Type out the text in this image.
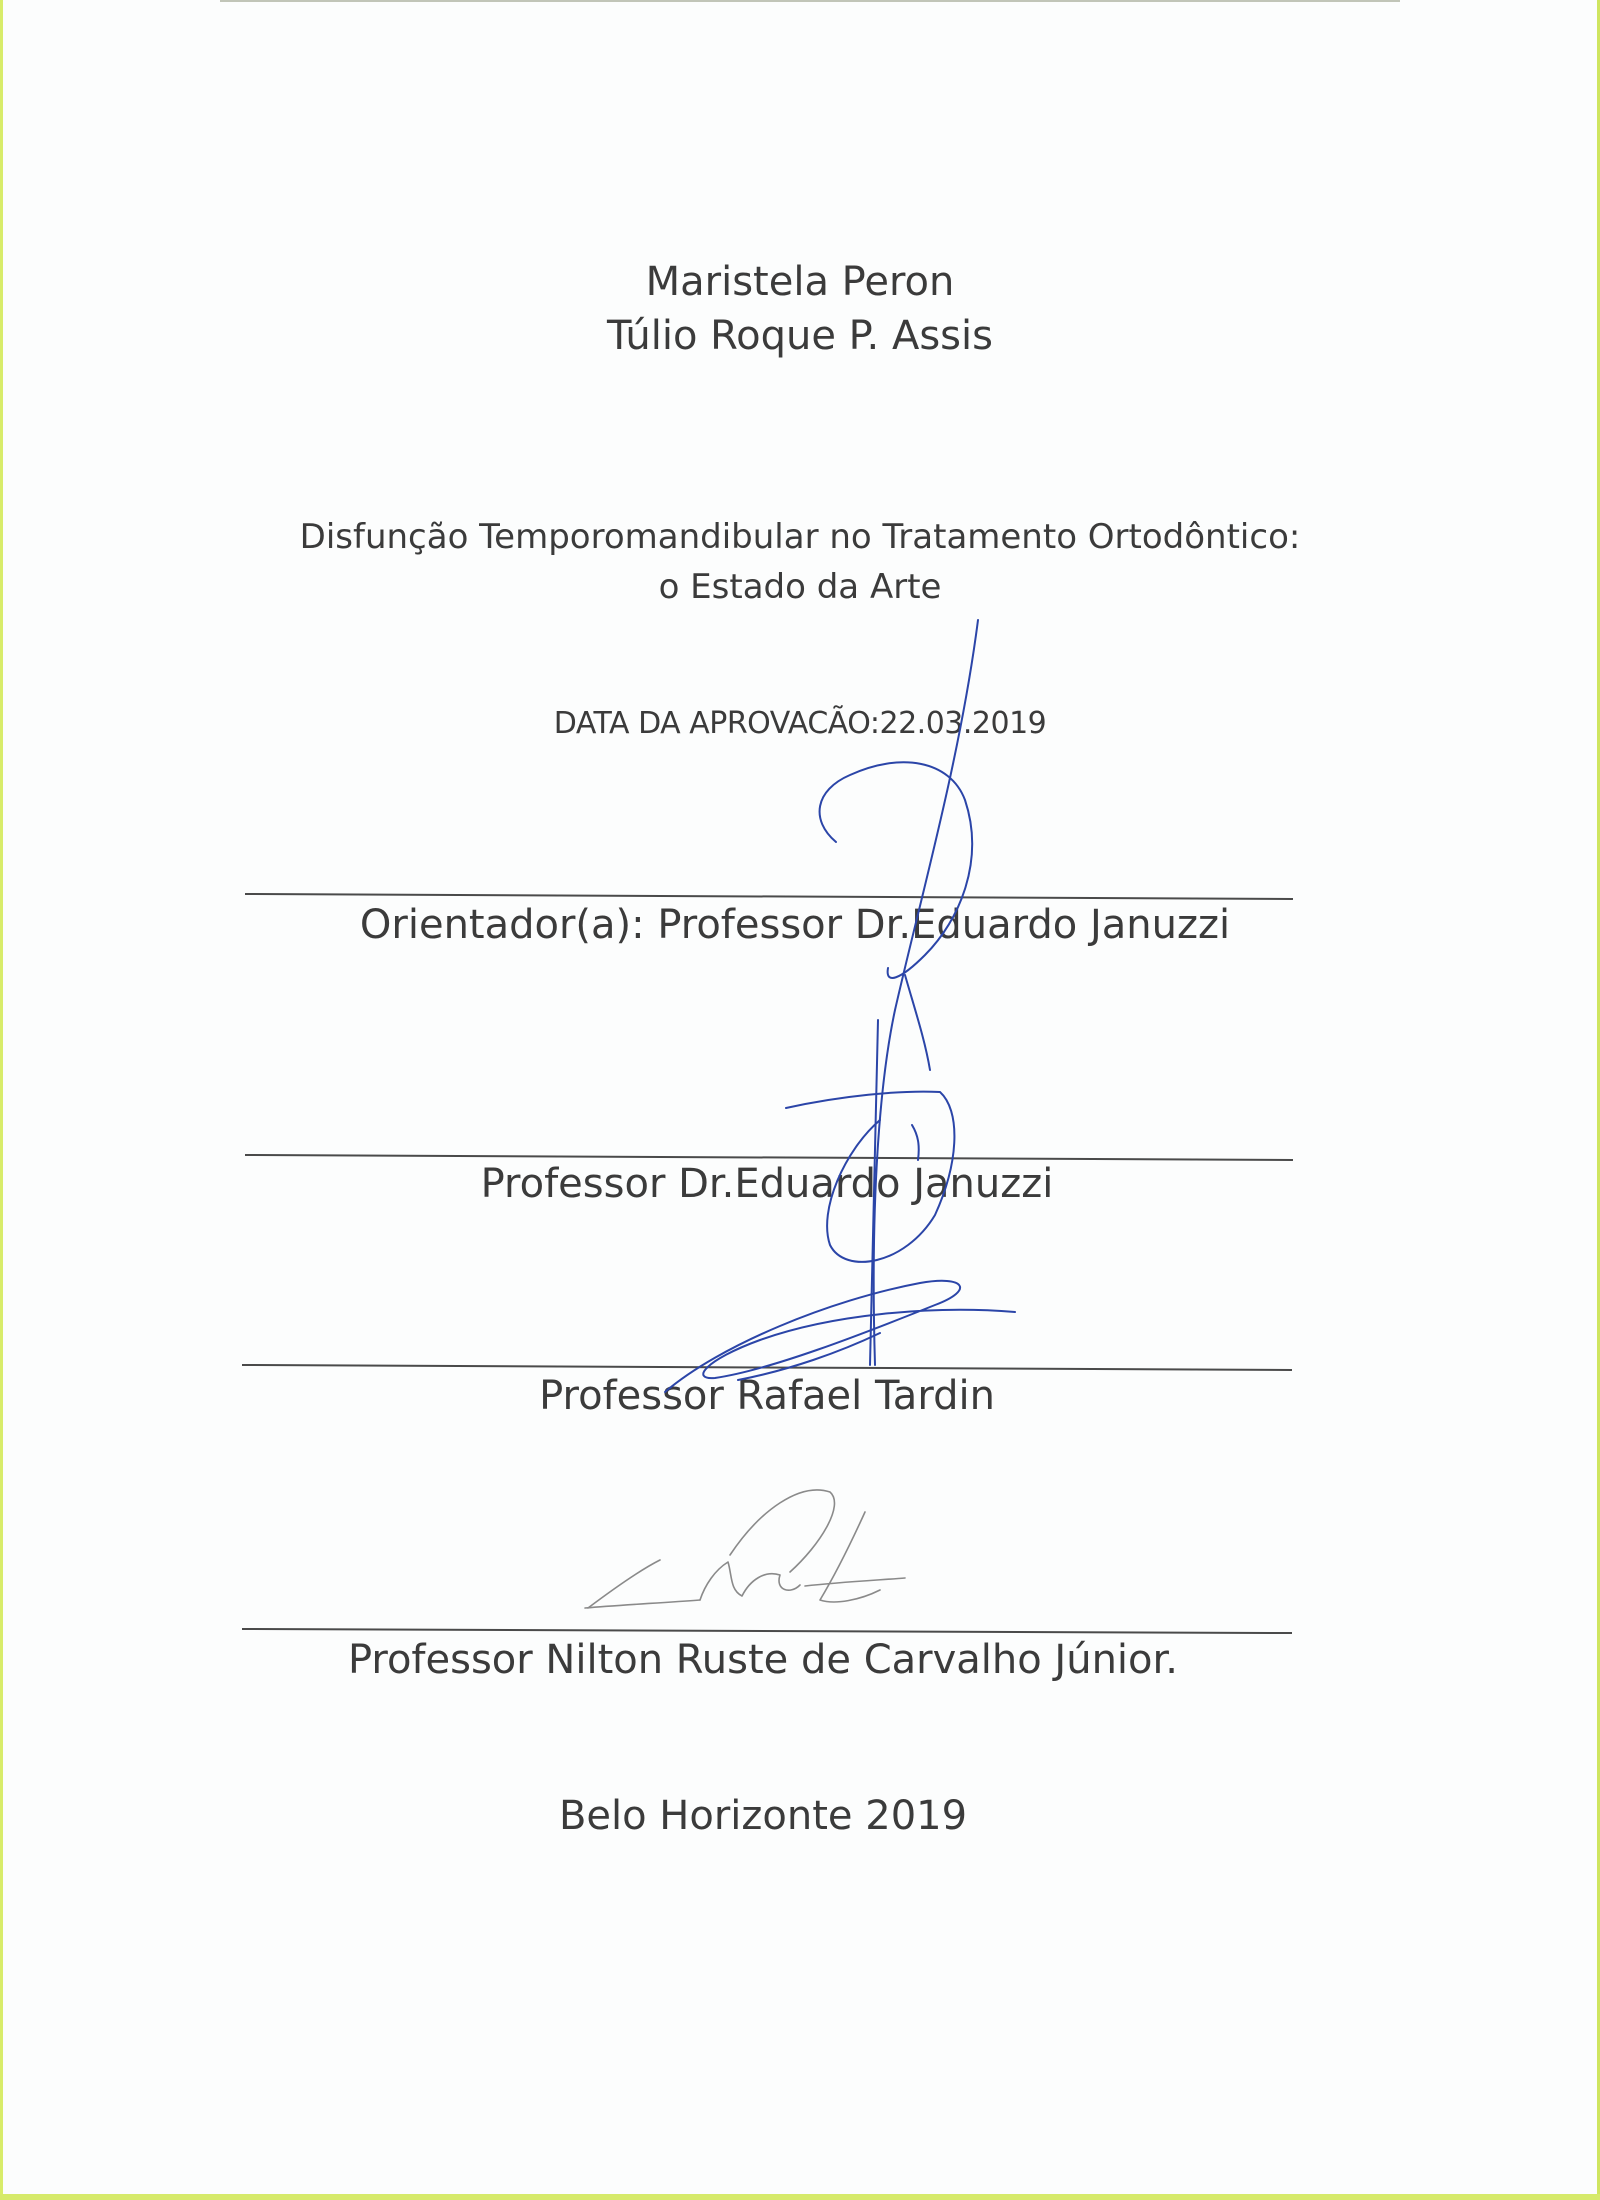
Maristela Peron
Túlio Roque P. Assis
Disfunção Temporomandibular no Tratamento Ortodôntico:
o Estado da Arte
DATA DA APROVACÃO:22.03.2019
Orientador(a): Professor Dr.Eduardo Januzzi
Professor Dr.Eduardo Januzzi
Professor Rafael Tardin
Professor Nilton Ruste de Carvalho Júnior.
Belo Horizonte 2019
